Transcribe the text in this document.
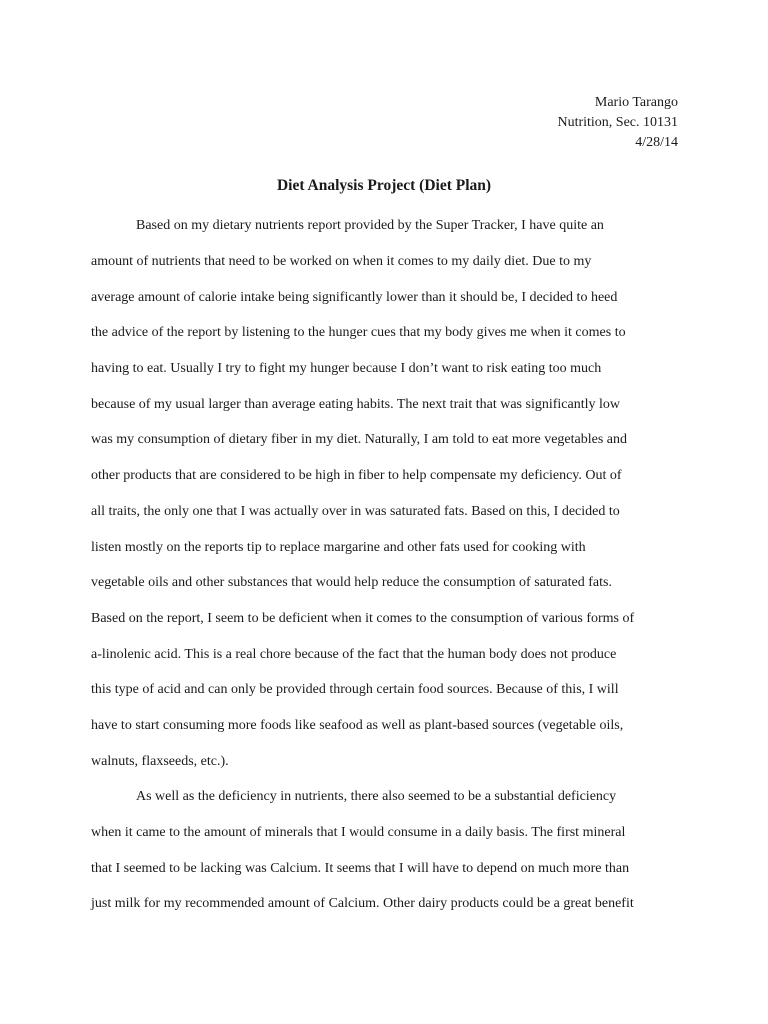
Mario Tarango
Nutrition, Sec. 10131
4/28/14
Diet Analysis Project (Diet Plan)
Based on my dietary nutrients report provided by the Super Tracker, I have quite an
amount of nutrients that need to be worked on when it comes to my daily diet. Due to my
average amount of calorie intake being significantly lower than it should be, I decided to heed
the advice of the report by listening to the hunger cues that my body gives me when it comes to
having to eat. Usually I try to fight my hunger because I don’t want to risk eating too much
because of my usual larger than average eating habits. The next trait that was significantly low
was my consumption of dietary fiber in my diet. Naturally, I am told to eat more vegetables and
other products that are considered to be high in fiber to help compensate my deficiency. Out of
all traits, the only one that I was actually over in was saturated fats. Based on this, I decided to
listen mostly on the reports tip to replace margarine and other fats used for cooking with
vegetable oils and other substances that would help reduce the consumption of saturated fats.
Based on the report, I seem to be deficient when it comes to the consumption of various forms of
a-linolenic acid. This is a real chore because of the fact that the human body does not produce
this type of acid and can only be provided through certain food sources. Because of this, I will
have to start consuming more foods like seafood as well as plant-based sources (vegetable oils,
walnuts, flaxseeds, etc.).
As well as the deficiency in nutrients, there also seemed to be a substantial deficiency
when it came to the amount of minerals that I would consume in a daily basis. The first mineral
that I seemed to be lacking was Calcium. It seems that I will have to depend on much more than
just milk for my recommended amount of Calcium. Other dairy products could be a great benefit
